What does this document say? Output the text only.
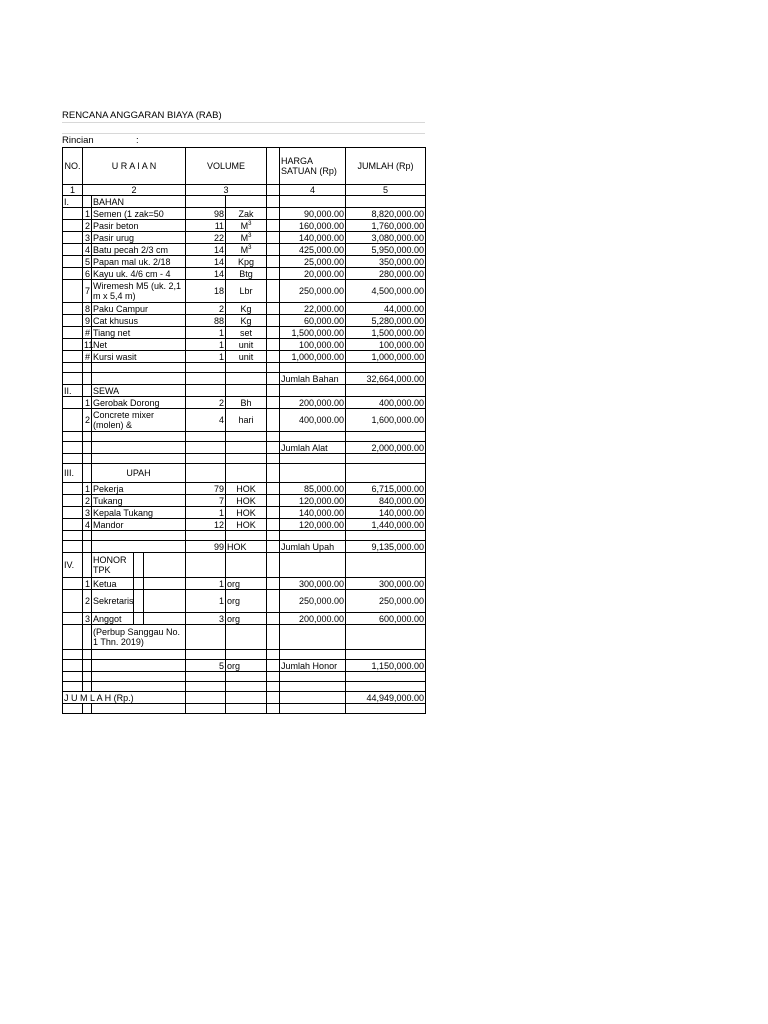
RENCANA ANGGARAN BIAYA (RAB)
Rincian	:
NO.	U R A I A N				VOLUME			HARGA SATUAN (Rp)	JUMLAH (Rp)
1	2				3			4	5
I.		BAHAN							
	1	Semen (1 zak=50			98	Zak		90,000.00	8,820,000.00
	2	Pasir beton			11	$M^3$		160,000.00	1,760,000.00
	3	Pasir urug			22	$M^3$		140,000.00	3,080,000.00
	4	Batu pecah 2/3 cm			14	$M^3$		425,000.00	5,950,000.00
	5	Papan mal uk. 2/18			14	Kpg		25,000.00	350,000.00
	6	Kayu uk. 4/6 cm - 4			14	Btg		20,000.00	280,000.00
	7	Wiremesh M5 (uk. 2,1 m x 5,4 m)			18	Lbr		250,000.00	4,500,000.00
	8	Paku Campur			2	Kg		22,000.00	44,000.00
	9	Cat khusus			88	Kg		60,000.00	5,280,000.00
	#	Tiang net			1	set		1,500,000.00	1,500,000.00
	11	Net			1	unit		100,000.00	100,000.00
	#	Kursi wasit			1	unit		1,000,000.00	1,000,000.00

								Jumlah Bahan	32,664,000.00
II.		SEWA							
	1	Gerobak Dorong			2	Bh		200,000.00	400,000.00
	2	Concrete mixer (molen) &			4	hari		400,000.00	1,600,000.00

								Jumlah Alat	2,000,000.00

III.		UPAH							
	1	Pekerja			79	HOK		85,000.00	6,715,000.00
	2	Tukang			7	HOK		120,000.00	840,000.00
	3	Kepala Tukang			1	HOK		140,000.00	140,000.00
	4	Mandor			12	HOK		120,000.00	1,440,000.00

					99	HOK		Jumlah Upah	9,135,000.00
IV.		HONOR TPK							
	1	Ketua			1	org		300,000.00	300,000.00
	2	Sekretaris			1	org		250,000.00	250,000.00
	3	Anggot			3	org		200,000.00	600,000.00
		(Perbup Sanggau No. 1 Thn. 2019)							

					5	org		Jumlah Honor	1,150,000.00

J U M L A H (Rp.)									44,949,000.00
